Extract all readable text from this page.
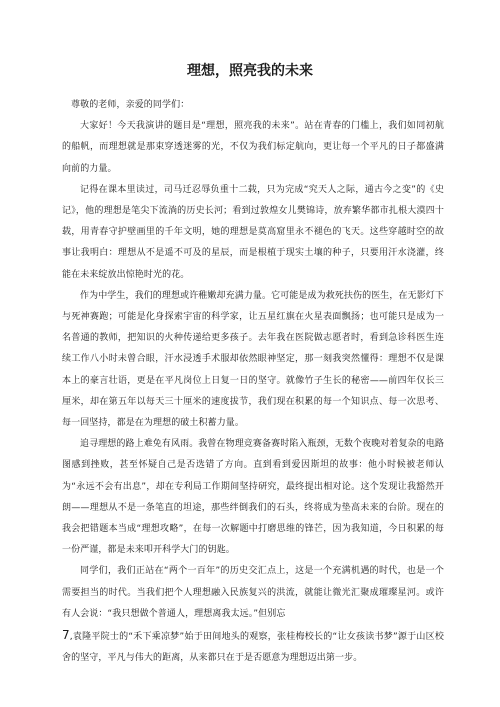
理想，照亮我的未来

尊敬的老师，亲爱的同学们：

大家好！今天我演讲的题目是“理想，照亮我的未来”。站在青春的门槛上，我们如同初航的船帆，而理想就是那束穿透迷雾的光，不仅为我们标定航向，更让每一个平凡的日子都盛满向前的力量。

记得在课本里读过，司马迁忍辱负重十二载，只为完成“究天人之际，通古今之变”的《史记》，他的理想是笔尖下流淌的历史长河；看到过敦煌女儿樊锦诗，放弃繁华都市扎根大漠四十载，用青春守护壁画里的千年文明，她的理想是莫高窟里永不褪色的飞天。这些穿越时空的故事让我明白：理想从不是遥不可及的星辰，而是根植于现实土壤的种子，只要用汗水浇灌，终能在未来绽放出惊艳时光的花。

作为中学生，我们的理想或许稚嫩却充满力量。它可能是成为救死扶伤的医生，在无影灯下与死神赛跑；可能是化身探索宇宙的科学家，让五星红旗在火星表面飘扬；也可能只是成为一名普通的教师，把知识的火种传递给更多孩子。去年我在医院做志愿者时，看到急诊科医生连续工作八小时未曾合眼，汗水浸透手术服却依然眼神坚定，那一刻我突然懂得：理想不仅是课本上的豪言壮语，更是在平凡岗位上日复一日的坚守。就像竹子生长的秘密——前四年仅长三厘米，却在第五年以每天三十厘米的速度拔节，我们现在积累的每一个知识点、每一次思考、每一回坚持，都是在为理想的破土积蓄力量。

追寻理想的路上难免有风雨。我曾在物理竞赛备赛时陷入瓶颈，无数个夜晚对着复杂的电路图感到挫败，甚至怀疑自己是否选错了方向。直到看到爱因斯坦的故事：他小时候被老师认为“永远不会有出息”，却在专利局工作期间坚持研究，最终提出相对论。这个发现让我豁然开朗——理想从不是一条笔直的坦途，那些绊倒我们的石头，终将成为垫高未来的台阶。现在的我会把错题本当成“理想攻略”，在每一次解题中打磨思维的锋芒，因为我知道，今日积累的每一份严谨，都是未来叩开科学大门的钥匙。

同学们，我们正站在“两个一百年”的历史交汇点上，这是一个充满机遇的时代，也是一个需要担当的时代。当我们把个人理想融入民族复兴的洪流，就能让微光汇聚成璀璨星河。或许有人会说：“我只想做个普通人，理想离我太远。”但别忘

7,袁隆平院士的“禾下乘凉梦”始于田间地头的观察，张桂梅校长的“让女孩读书梦”源于山区校舍的坚守，平凡与伟大的距离，从来都只在于是否愿意为理想迈出第一步。
